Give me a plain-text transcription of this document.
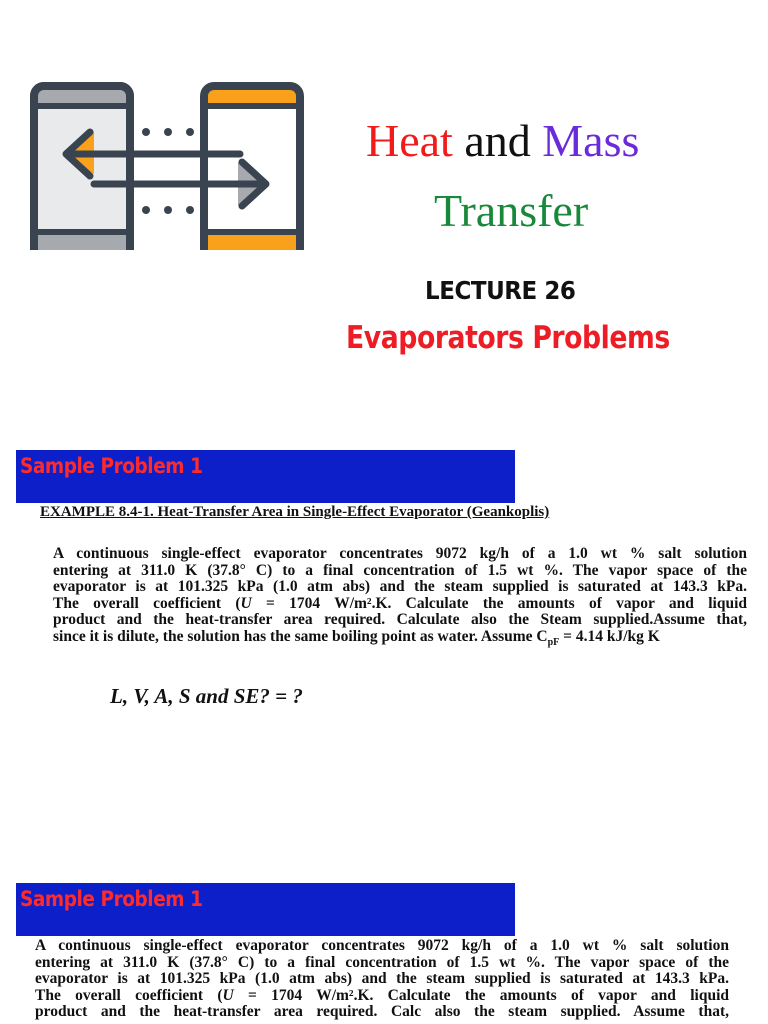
Heat and Mass
Transfer
LECTURE 26
Evaporators Problems
Sample Problem 1
EXAMPLE 8.4-1. Heat-Transfer Area in Single-Effect Evaporator (Geankoplis)
A continuous single-effect evaporator concentrates 9072 kg/h of a 1.0 wt % salt solution
entering at 311.0 K (37.8° C) to a final concentration of 1.5 wt %. The vapor space of the
evaporator is at 101.325 kPa (1.0 atm abs) and the steam supplied is saturated at 143.3 kPa.
The overall coefficient (U = 1704 W/m².K. Calculate the amounts of vapor and liquid
product and the heat-transfer area required. Calculate also the Steam supplied.Assume that,
since it is dilute, the solution has the same boiling point as water. Assume $C_{pF} = 4.14$ kJ/kg K
L, V, A, S and SE? = ?
Sample Problem 1
A continuous single-effect evaporator concentrates 9072 kg/h of a 1.0 wt % salt solution
entering at 311.0 K (37.8° C) to a final concentration of 1.5 wt %. The vapor space of the
evaporator is at 101.325 kPa (1.0 atm abs) and the steam supplied is saturated at 143.3 kPa.
The overall coefficient (U = 1704 W/m².K. Calculate the amounts of vapor and liquid
product and the heat-transfer area required. Calc also the steam supplied. Assume that,
